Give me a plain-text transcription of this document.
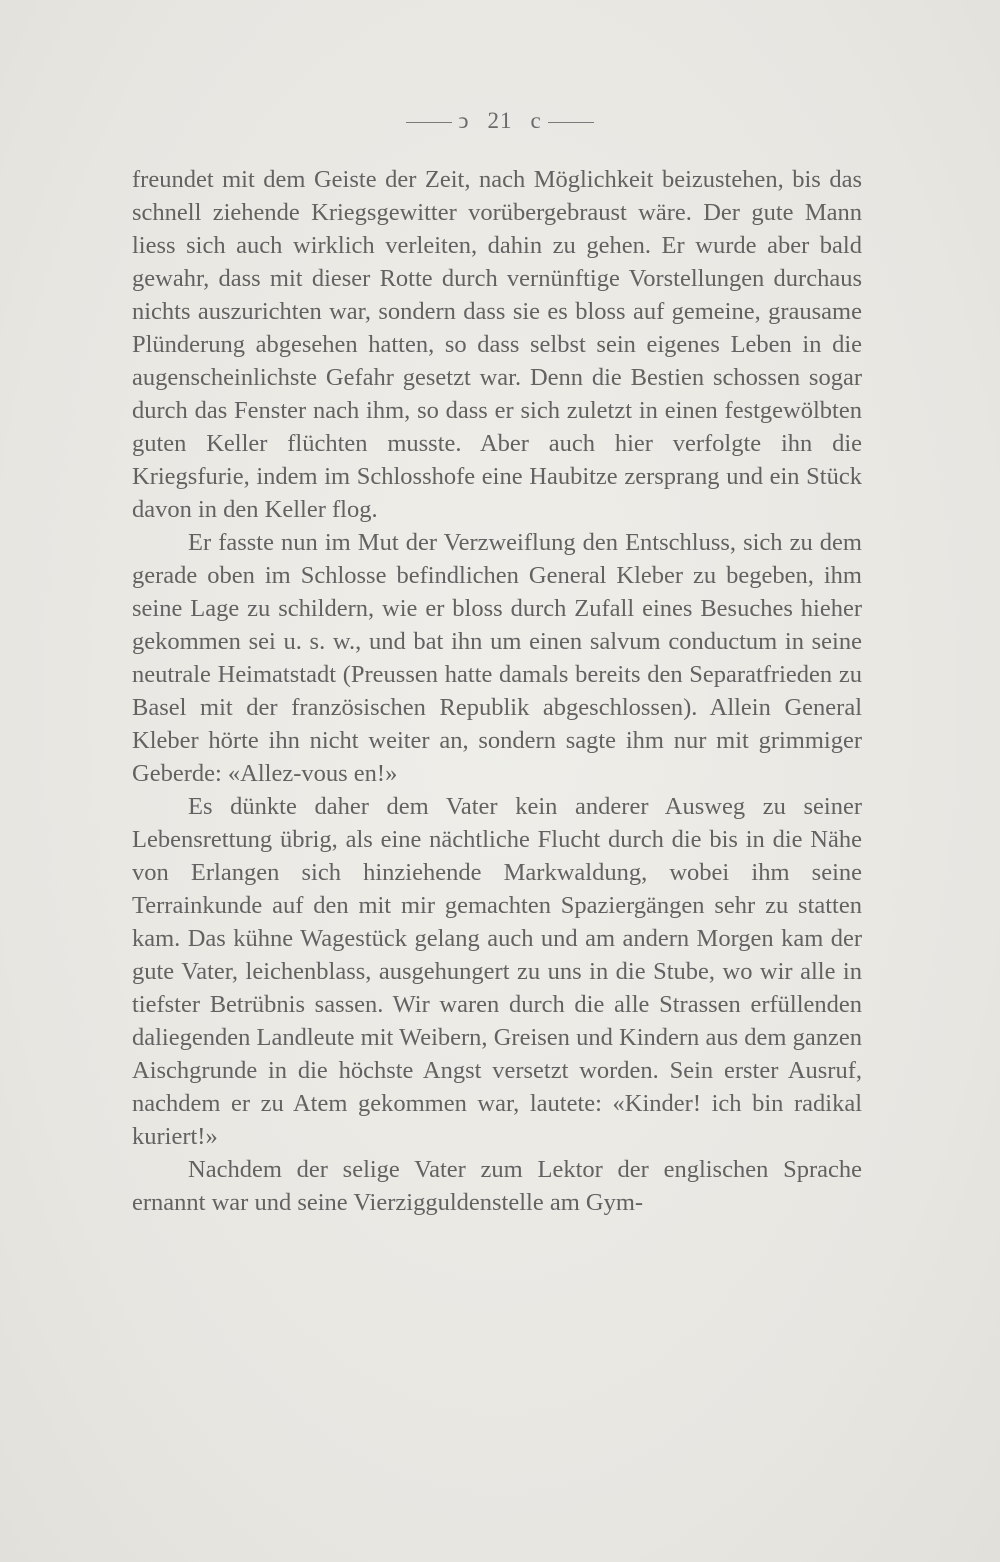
ↄ 21 c

freundet mit dem Geiste der Zeit, nach Möglichkeit beizustehen, bis das schnell ziehende Kriegsgewitter vorübergebraust wäre. Der gute Mann liess sich auch wirklich verleiten, dahin zu gehen. Er wurde aber bald gewahr, dass mit dieser Rotte durch vernünftige Vorstellungen durchaus nichts auszurichten war, sondern dass sie es bloss auf gemeine, grausame Plünderung abgesehen hatten, so dass selbst sein eigenes Leben in die augenscheinlichste Gefahr gesetzt war. Denn die Bestien schossen sogar durch das Fenster nach ihm, so dass er sich zuletzt in einen festgewölbten guten Keller flüchten musste. Aber auch hier verfolgte ihn die Kriegsfurie, indem im Schlosshofe eine Haubitze zersprang und ein Stück davon in den Keller flog.

Er fasste nun im Mut der Verzweiflung den Entschluss, sich zu dem gerade oben im Schlosse befindlichen General Kleber zu begeben, ihm seine Lage zu schildern, wie er bloss durch Zufall eines Besuches hieher gekommen sei u. s. w., und bat ihn um einen salvum conductum in seine neutrale Heimatstadt (Preussen hatte damals bereits den Separatfrieden zu Basel mit der französischen Republik abgeschlossen). Allein General Kleber hörte ihn nicht weiter an, sondern sagte ihm nur mit grimmiger Geberde: «Allez-vous en!»

Es dünkte daher dem Vater kein anderer Ausweg zu seiner Lebensrettung übrig, als eine nächtliche Flucht durch die bis in die Nähe von Erlangen sich hinziehende Markwaldung, wobei ihm seine Terrainkunde auf den mit mir gemachten Spaziergängen sehr zu statten kam. Das kühne Wagestück gelang auch und am andern Morgen kam der gute Vater, leichenblass, ausgehungert zu uns in die Stube, wo wir alle in tiefster Betrübnis sassen. Wir waren durch die alle Strassen erfüllenden daliegenden Landleute mit Weibern, Greisen und Kindern aus dem ganzen Aischgrunde in die höchste Angst versetzt worden. Sein erster Ausruf, nachdem er zu Atem gekommen war, lautete: «Kinder! ich bin radikal kuriert!»

Nachdem der selige Vater zum Lektor der englischen Sprache ernannt war und seine Vierzigguldenstelle am Gym-
